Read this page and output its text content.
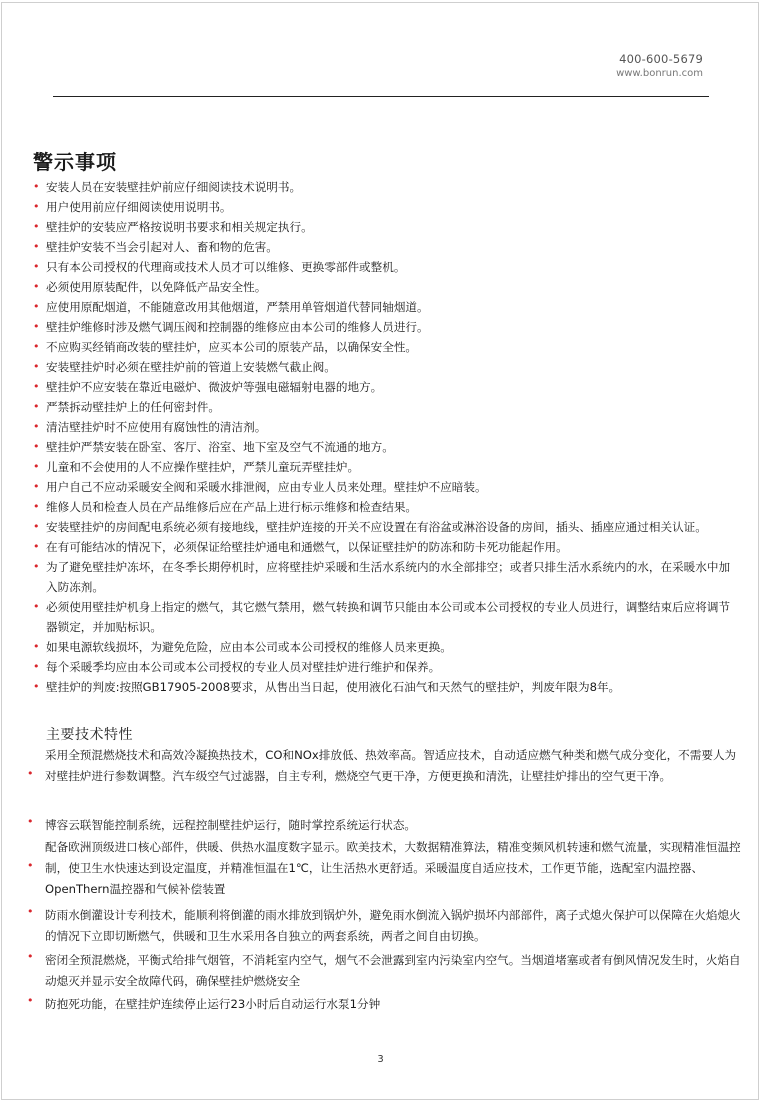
400-600-5679
www.bonrun.com
警示事项
• 安装人员在安装壁挂炉前应仔细阅读技术说明书。
• 用户使用前应仔细阅读使用说明书。
• 壁挂炉的安装应严格按说明书要求和相关规定执行。
• 壁挂炉安装不当会引起对人、畜和物的危害。
• 只有本公司授权的代理商或技术人员才可以维修、更换零部件或整机。
• 必须使用原装配件，以免降低产品安全性。
• 应使用原配烟道，不能随意改用其他烟道，严禁用单管烟道代替同轴烟道。
• 壁挂炉维修时涉及燃气调压阀和控制器的维修应由本公司的维修人员进行。
• 不应购买经销商改装的壁挂炉，应买本公司的原装产品，以确保安全性。
• 安装壁挂炉时必须在壁挂炉前的管道上安装燃气截止阀。
• 壁挂炉不应安装在靠近电磁炉、微波炉等强电磁辐射电器的地方。
• 严禁拆动壁挂炉上的任何密封件。
• 清洁壁挂炉时不应使用有腐蚀性的清洁剂。
• 壁挂炉严禁安装在卧室、客厅、浴室、地下室及空气不流通的地方。
• 儿童和不会使用的人不应操作壁挂炉，严禁儿童玩弄壁挂炉。
• 用户自己不应动采暖安全阀和采暖水排泄阀，应由专业人员来处理。壁挂炉不应暗装。
• 维修人员和检查人员在产品维修后应在产品上进行标示维修和检查结果。
• 安装壁挂炉的房间配电系统必须有接地线，壁挂炉连接的开关不应设置在有浴盆或淋浴设备的房间，插头、插座应通过相关认证。
• 在有可能结冰的情况下，必须保证给壁挂炉通电和通燃气，以保证壁挂炉的防冻和防卡死功能起作用。
• 为了避免壁挂炉冻坏，在冬季长期停机时，应将壁挂炉采暖和生活水系统内的水全部排空；或者只排生活水系统内的水，在采暖水中加入防冻剂。
• 必须使用壁挂炉机身上指定的燃气，其它燃气禁用，燃气转换和调节只能由本公司或本公司授权的专业人员进行，调整结束后应将调节器锁定，并加贴标识。
• 如果电源软线损坏，为避免危险，应由本公司或本公司授权的维修人员来更换。
• 每个采暖季均应由本公司或本公司授权的专业人员对壁挂炉进行维护和保养。
• 壁挂炉的判废:按照GB17905-2008要求，从售出当日起，使用液化石油气和天然气的壁挂炉，判废年限为8年。
主要技术特性
•
采用全预混燃烧技术和高效冷凝换热技术，CO和NOx排放低、热效率高。智适应技术，自动适应燃气种类和燃气成分变化，不需要人为对壁挂炉进行参数调整。汽车级空气过滤器，自主专利，燃烧空气更干净，方便更换和清洗，让壁挂炉排出的空气更干净。
• 博容云联智能控制系统，远程控制壁挂炉运行，随时掌控系统运行状态。
•
配备欧洲顶级进口核心部件，供暖、供热水温度数字显示。欧美技术，大数据精准算法，精准变频风机转速和燃气流量，实现精准恒温控制，使卫生水快速达到设定温度，并精准恒温在1℃，让生活热水更舒适。采暖温度自适应技术，工作更节能，选配室内温控器、OpenThern温控器和气候补偿装置
• 防雨水倒灌设计专利技术，能顺利将倒灌的雨水排放到锅炉外，避免雨水倒流入锅炉损坏内部部件，离子式熄火保护可以保障在火焰熄火的情况下立即切断燃气，供暖和卫生水采用各自独立的两套系统，两者之间自由切换。
• 密闭全预混燃烧，平衡式给排气烟管，不消耗室内空气，烟气不会泄露到室内污染室内空气。当烟道堵塞或者有倒风情况发生时，火焰自动熄灭并显示安全故障代码，确保壁挂炉燃烧安全
• 防抱死功能，在壁挂炉连续停止运行23小时后自动运行水泵1分钟
3
